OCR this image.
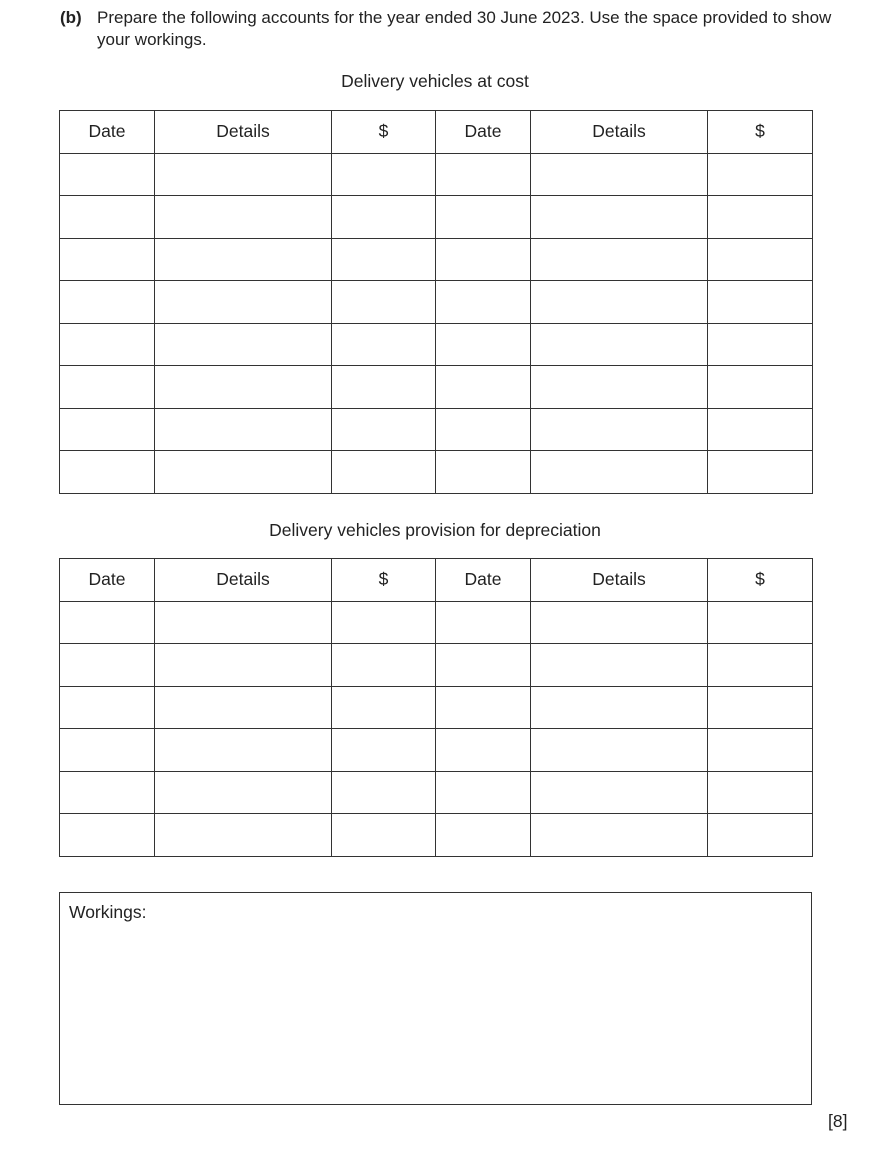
(b) Prepare the following accounts for the year ended 30 June 2023. Use the space provided to show your workings.
Delivery vehicles at cost
Date	Details	$	Date	Details	$

Delivery vehicles provision for depreciation
Date	Details	$	Date	Details	$

Workings:
[8]
